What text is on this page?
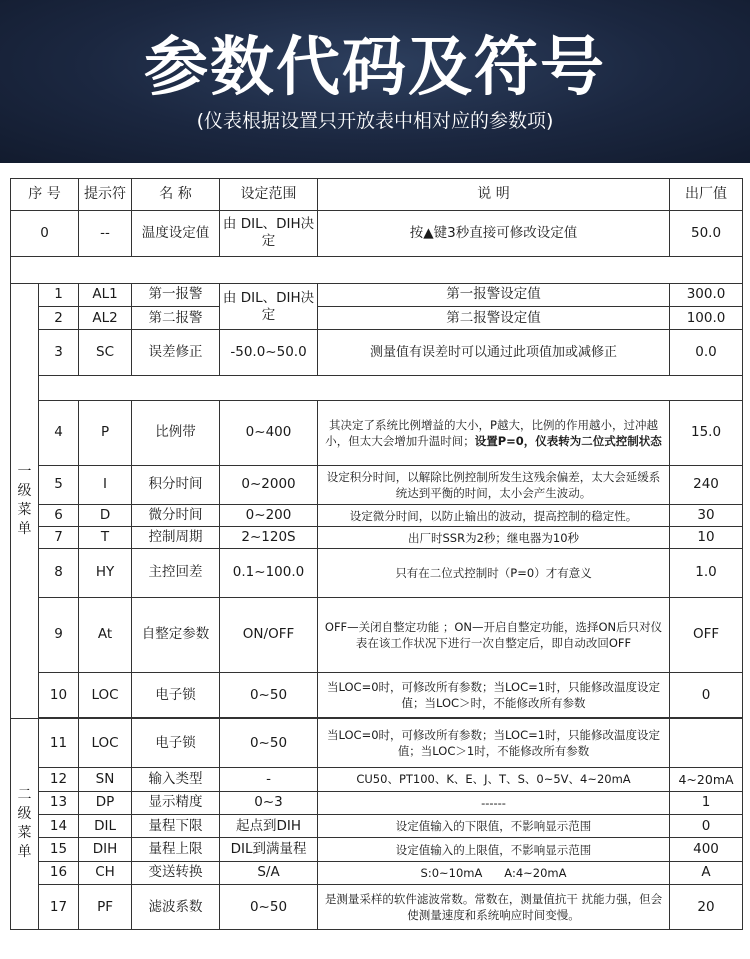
参数代码及符号
(仪表根据设置只开放表中相对应的参数项)
序 号		提示符	名 称	设定范围	说 明	出厂值
0		--	温度设定值	由 DIL、DIH决定	按▲键3秒直接可修改设定值	50.0

一级菜单	1	AL1	第一报警	由 DIL、DIH决定	第一报警设定值	300.0
	2	AL2	第二报警		第二报警设定值	100.0
	3	SC	误差修正	-50.0~50.0	测量值有误差时可以通过此项值加或减修正	0.0

	4	P	比例带	0~400	其决定了系统比例增益的大小，P越大，比例的作用越小，过冲越小，但太大会增加升温时间；设置P=0，仪表转为二位式控制状态	15.0
	5	I	积分时间	0~2000	设定积分时间，以解除比例控制所发生这残余偏差，太大会延缓系统达到平衡的时间，太小会产生波动。	240
	6	D	微分时间	0~200	设定微分时间，以防止输出的波动，提高控制的稳定性。	30
	7	T	控制周期	2~120S	出厂时SSR为2秒；继电器为10秒	10
	8	HY	主控回差	0.1~100.0	只有在二位式控制时（P=0）才有意义	1.0
	9	At	自整定参数	ON/OFF	OFF—关闭自整定功能 ；ON—开启自整定功能，选择ON后只对仪表在该工作状况下进行一次自整定后，即自动改回OFF	OFF
	10	LOC	电子锁	0~50	当LOC=0时，可修改所有参数；当LOC=1时，只能修改温度设定值；当LOC＞时，不能修改所有参数	0

二级菜单	11	LOC	电子锁	0~50	当LOC=0时，可修改所有参数；当LOC=1时，只能修改温度设定值；当LOC＞1时，不能修改所有参数	
	12	SN	输入类型	-	CU50、PT100、K、E、J、T、S、0~5V、4~20mA	4~20mA
	13	DP	显示精度	0~3	------	1
	14	DIL	量程下限	起点到DIH	设定值输入的下限值，不影响显示范围	0
	15	DIH	量程上限	DIL到满量程	设定值输入的上限值，不影响显示范围	400
	16	CH	变送转换	S/A	S:0~10mA      A:4~20mA	A
	17	PF	滤波系数	0~50	是测量采样的软件滤波常数。常数在，测量值抗干 扰能力强，但会使测量速度和系统响应时间变慢。	20
